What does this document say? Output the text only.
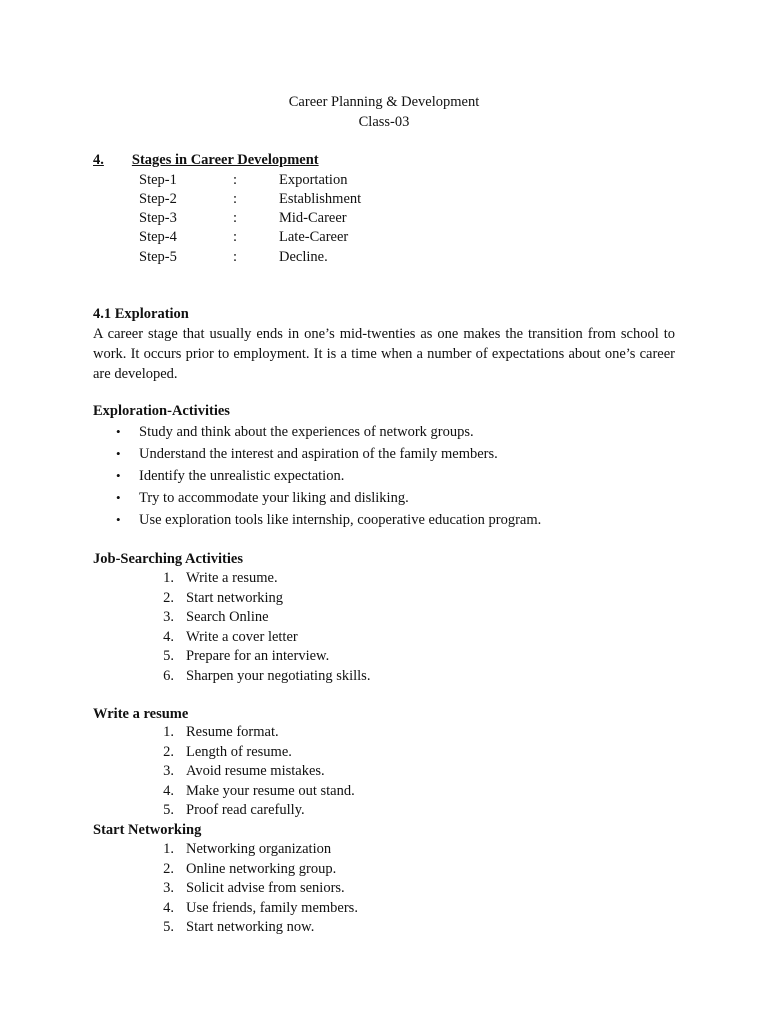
Career Planning & Development
Class-03
4. Stages in Career Development
Step-1	:	Exportation
Step-2	:	Establishment
Step-3	:	Mid-Career
Step-4	:	Late-Career
Step-5	:	Decline.
4.1 Exploration
A career stage that usually ends in one’s mid-twenties as one makes the transition from school to work. It occurs prior to employment. It is a time when a number of expectations about one’s career are developed.
Exploration-Activities
• Study and think about the experiences of network groups.
• Understand the interest and aspiration of the family members.
• Identify the unrealistic expectation.
• Try to accommodate your liking and disliking.
• Use exploration tools like internship, cooperative education program.
Job-Searching Activities
1. Write a resume.
2. Start networking
3. Search Online
4. Write a cover letter
5. Prepare for an interview.
6. Sharpen your negotiating skills.
Write a resume
1. Resume format.
2. Length of resume.
3. Avoid resume mistakes.
4. Make your resume out stand.
5. Proof read carefully.
Start Networking
1. Networking organization
2. Online networking group.
3. Solicit advise from seniors.
4. Use friends, family members.
5. Start networking now.
